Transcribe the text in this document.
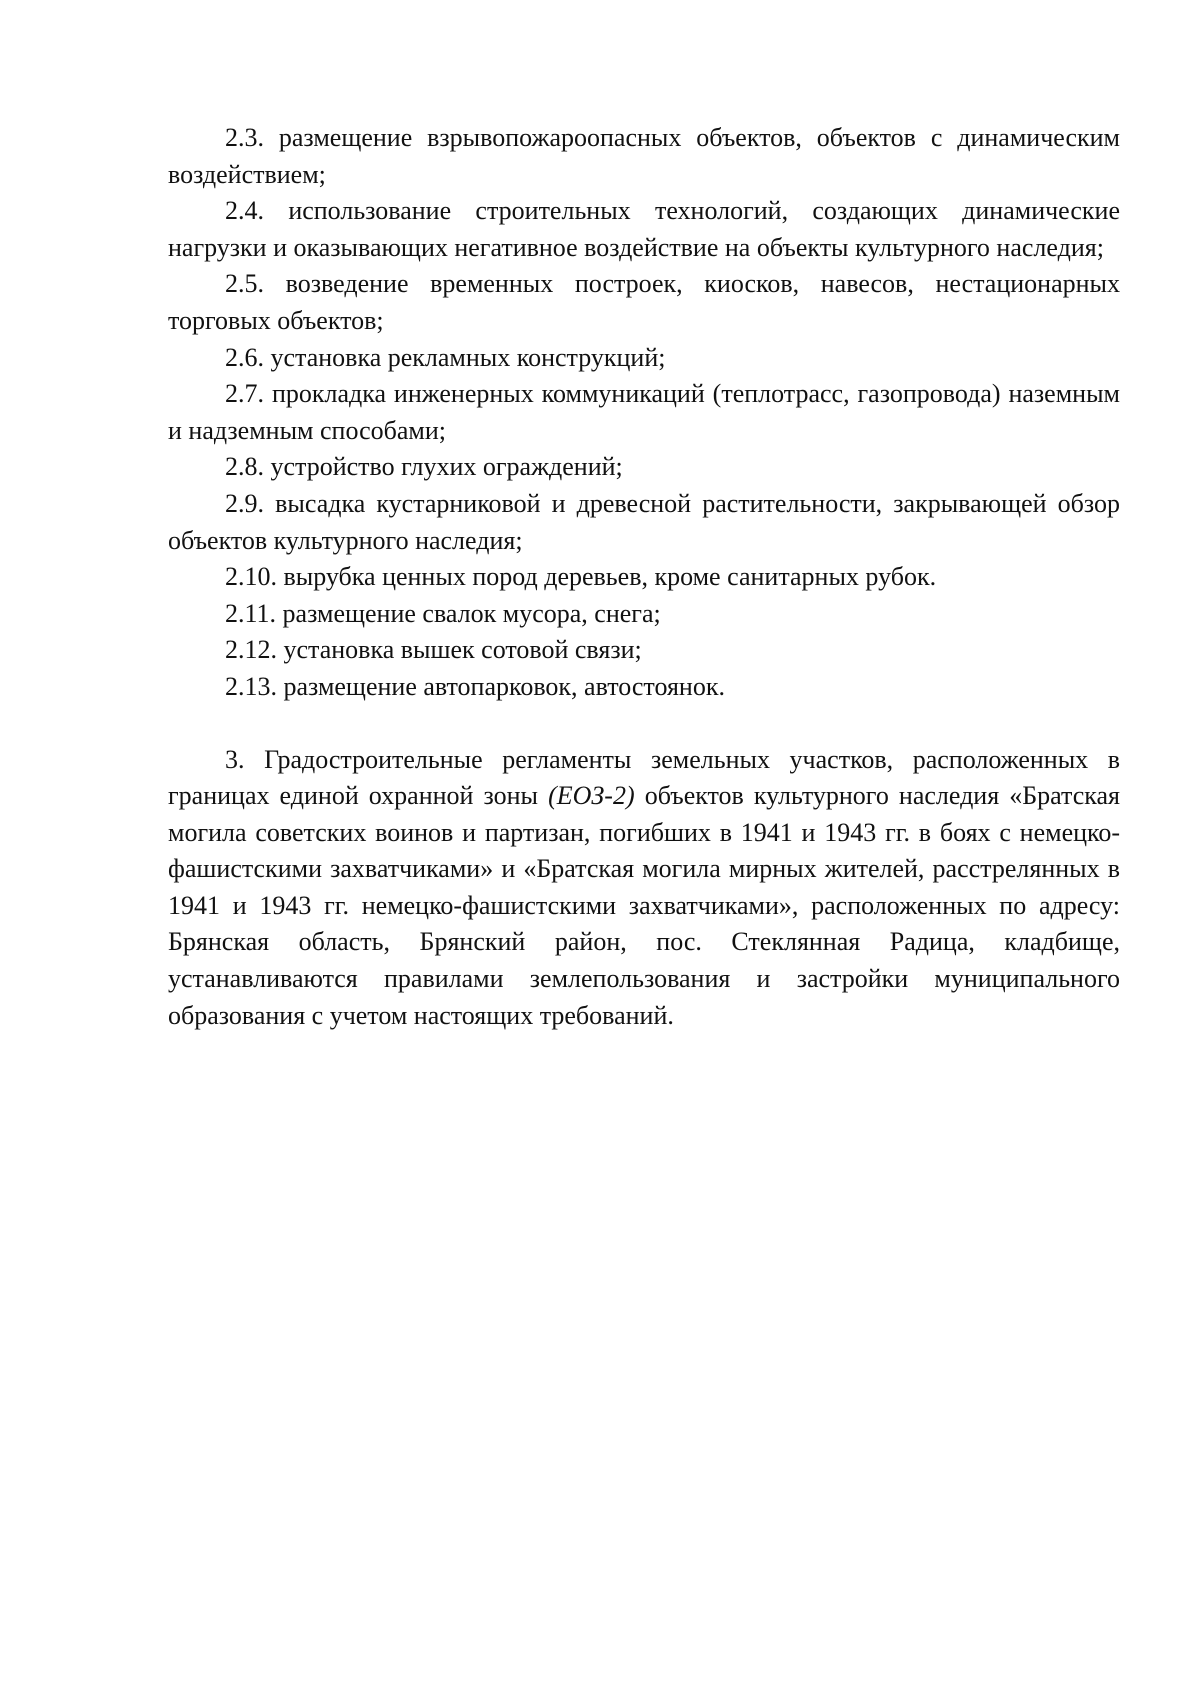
2.3. размещение взрывопожароопасных объектов, объектов с динамическим воздействием;

2.4. использование строительных технологий, создающих динамические нагрузки и оказывающих негативное воздействие на объекты культурного наследия;

2.5. возведение временных построек, киосков, навесов, нестационарных торговых объектов;

2.6. установка рекламных конструкций;

2.7. прокладка инженерных коммуникаций (теплотрасс, газопровода) наземным и надземным способами;

2.8. устройство глухих ограждений;

2.9. высадка кустарниковой и древесной растительности, закрывающей обзор объектов культурного наследия;

2.10. вырубка ценных пород деревьев, кроме санитарных рубок.

2.11. размещение свалок мусора, снега;

2.12. установка вышек сотовой связи;

2.13. размещение автопарковок, автостоянок.

3. Градостроительные регламенты земельных участков, расположенных в границах единой охранной зоны (ЕОЗ-2) объектов культурного наследия «Братская могила советских воинов и партизан, погибших в 1941 и 1943 гг. в боях с немецко-фашистскими захватчиками» и «Братская могила мирных жителей, расстрелянных в 1941 и 1943 гг. немецко-фашистскими захватчиками», расположенных по адресу: Брянская область, Брянский район, пос. Стеклянная Радица, кладбище, устанавливаются правилами землепользования и застройки муниципального образования с учетом настоящих требований.
